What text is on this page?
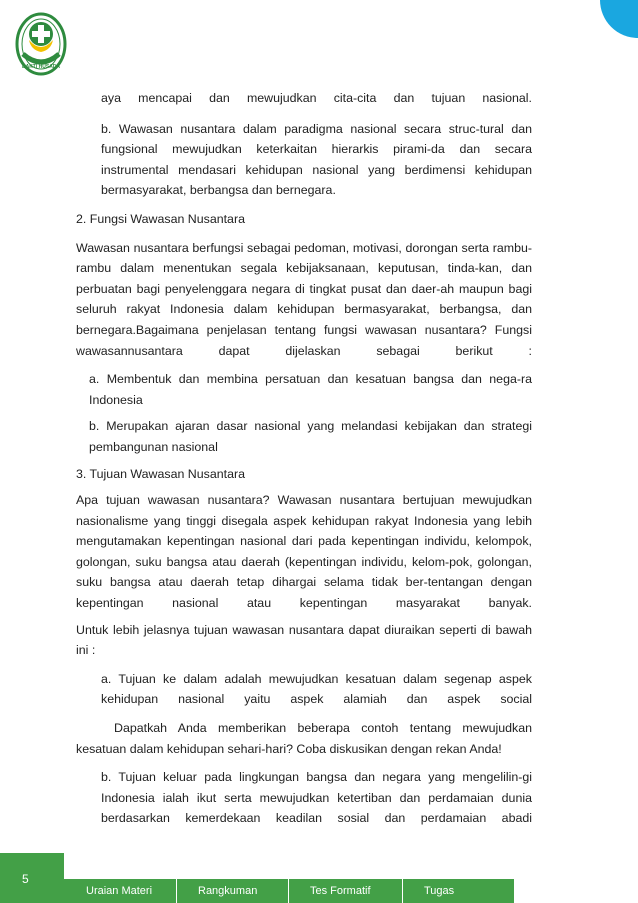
BAKTI HUSADA
aya mencapai dan mewujudkan cita-cita dan tujuan nasional.
b. Wawasan nusantara dalam paradigma nasional secara struc-tural dan fungsional mewujudkan keterkaitan hierarkis pirami-da dan secara instrumental mendasari kehidupan nasional yang berdimensi kehidupan bermasyarakat, berbangsa dan bernegara.
2. Fungsi Wawasan Nusantara
Wawasan nusantara berfungsi sebagai pedoman, motivasi, dorongan serta rambu-rambu dalam menentukan segala kebijaksanaan, keputusan, tinda-kan, dan perbuatan bagi penyelenggara negara di tingkat pusat dan daer-ah maupun bagi seluruh rakyat Indonesia dalam kehidupan bermasyarakat, berbangsa, dan bernegara.Bagaimana penjelasan tentang fungsi wawasan nusantara? Fungsi wawasannusantara dapat dijelaskan sebagai berikut :
a. Membentuk dan membina persatuan dan kesatuan bangsa dan nega-ra Indonesia
b. Merupakan ajaran dasar nasional yang melandasi kebijakan dan strategi pembangunan nasional
3. Tujuan Wawasan Nusantara
Apa tujuan wawasan nusantara? Wawasan nusantara bertujuan mewujudkan nasionalisme yang tinggi disegala aspek kehidupan rakyat Indonesia yang lebih mengutamakan kepentingan nasional dari pada kepentingan individu, kelompok, golongan, suku bangsa atau daerah (kepentingan individu, kelom-pok, golongan, suku bangsa atau daerah tetap dihargai selama tidak ber-tentangan dengan kepentingan nasional atau kepentingan masyarakat banyak.
Untuk lebih jelasnya tujuan wawasan nusantara dapat diuraikan seperti di bawah ini :
a. Tujuan ke dalam adalah mewujudkan kesatuan dalam segenap aspek kehidupan nasional yaitu aspek alamiah dan aspek social
Dapatkah Anda memberikan beberapa contoh tentang mewujudkan kesatuan dalam kehidupan sehari-hari? Coba diskusikan dengan rekan Anda!
b. Tujuan keluar pada lingkungan bangsa dan negara yang mengelilin-gi Indonesia ialah ikut serta mewujudkan ketertiban dan perdamaian dunia berdasarkan kemerdekaan keadilan sosial dan perdamaian abadi
5
Uraian Materi	Rangkuman	Tes Formatif	Tugas
